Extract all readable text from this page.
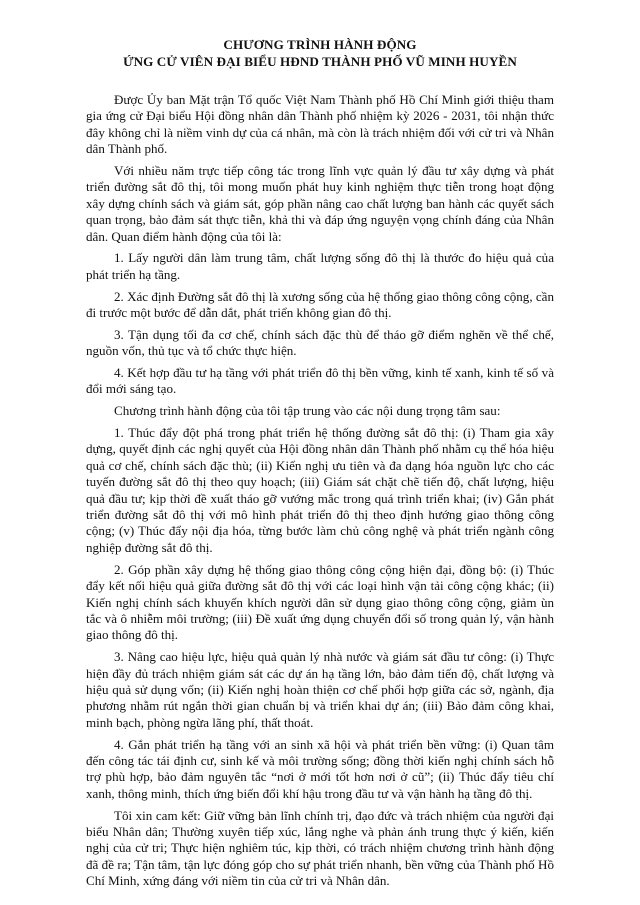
CHƯƠNG TRÌNH HÀNH ĐỘNG

ỨNG CỬ VIÊN ĐẠI BIỂU HĐND THÀNH PHỐ VŨ MINH HUYỀN

Được Ủy ban Mặt trận Tổ quốc Việt Nam Thành phố Hồ Chí Minh giới thiệu tham gia ứng cử Đại biểu Hội đồng nhân dân Thành phố nhiệm kỳ 2026 - 2031, tôi nhận thức đây không chỉ là niềm vinh dự của cá nhân, mà còn là trách nhiệm đối với cử tri và Nhân dân Thành phố.

Với nhiều năm trực tiếp công tác trong lĩnh vực quản lý đầu tư xây dựng và phát triển đường sắt đô thị, tôi mong muốn phát huy kinh nghiệm thực tiễn trong hoạt động xây dựng chính sách và giám sát, góp phần nâng cao chất lượng ban hành các quyết sách quan trọng, bảo đảm sát thực tiễn, khả thi và đáp ứng nguyện vọng chính đáng của Nhân dân. Quan điểm hành động của tôi là:

1. Lấy người dân làm trung tâm, chất lượng sống đô thị là thước đo hiệu quả của phát triển hạ tầng.

2. Xác định Đường sắt đô thị là xương sống của hệ thống giao thông công cộng, cần đi trước một bước để dẫn dắt, phát triển không gian đô thị.

3. Tận dụng tối đa cơ chế, chính sách đặc thù để tháo gỡ điểm nghẽn về thể chế, nguồn vốn, thủ tục và tổ chức thực hiện.

4. Kết hợp đầu tư hạ tầng với phát triển đô thị bền vững, kinh tế xanh, kinh tế số và đổi mới sáng tạo.

Chương trình hành động của tôi tập trung vào các nội dung trọng tâm sau:

1. Thúc đẩy đột phá trong phát triển hệ thống đường sắt đô thị: (i) Tham gia xây dựng, quyết định các nghị quyết của Hội đồng nhân dân Thành phố nhằm cụ thể hóa hiệu quả cơ chế, chính sách đặc thù; (ii) Kiến nghị ưu tiên và đa dạng hóa nguồn lực cho các tuyến đường sắt đô thị theo quy hoạch; (iii) Giám sát chặt chẽ tiến độ, chất lượng, hiệu quả đầu tư; kịp thời đề xuất tháo gỡ vướng mắc trong quá trình triển khai; (iv) Gắn phát triển đường sắt đô thị với mô hình phát triển đô thị theo định hướng giao thông công cộng; (v) Thúc đẩy nội địa hóa, từng bước làm chủ công nghệ và phát triển ngành công nghiệp đường sắt đô thị.

2. Góp phần xây dựng hệ thống giao thông công cộng hiện đại, đồng bộ: (i) Thúc đẩy kết nối hiệu quả giữa đường sắt đô thị với các loại hình vận tải công cộng khác; (ii) Kiến nghị chính sách khuyến khích người dân sử dụng giao thông công cộng, giảm ùn tắc và ô nhiễm môi trường; (iii) Đề xuất ứng dụng chuyển đổi số trong quản lý, vận hành giao thông đô thị.

3. Nâng cao hiệu lực, hiệu quả quản lý nhà nước và giám sát đầu tư công: (i) Thực hiện đầy đủ trách nhiệm giám sát các dự án hạ tầng lớn, bảo đảm tiến độ, chất lượng và hiệu quả sử dụng vốn; (ii) Kiến nghị hoàn thiện cơ chế phối hợp giữa các sở, ngành, địa phương nhằm rút ngắn thời gian chuẩn bị và triển khai dự án; (iii) Bảo đảm công khai, minh bạch, phòng ngừa lãng phí, thất thoát.

4. Gắn phát triển hạ tầng với an sinh xã hội và phát triển bền vững: (i) Quan tâm đến công tác tái định cư, sinh kế và môi trường sống; đồng thời kiến nghị chính sách hỗ trợ phù hợp, bảo đảm nguyên tắc “nơi ở mới tốt hơn nơi ở cũ”; (ii) Thúc đẩy tiêu chí xanh, thông minh, thích ứng biến đổi khí hậu trong đầu tư và vận hành hạ tầng đô thị.

Tôi xin cam kết: Giữ vững bản lĩnh chính trị, đạo đức và trách nhiệm của người đại biểu Nhân dân; Thường xuyên tiếp xúc, lắng nghe và phản ánh trung thực ý kiến, kiến nghị của cử tri; Thực hiện nghiêm túc, kịp thời, có trách nhiệm chương trình hành động đã đề ra; Tận tâm, tận lực đóng góp cho sự phát triển nhanh, bền vững của Thành phố Hồ Chí Minh, xứng đáng với niềm tin của cử tri và Nhân dân.
